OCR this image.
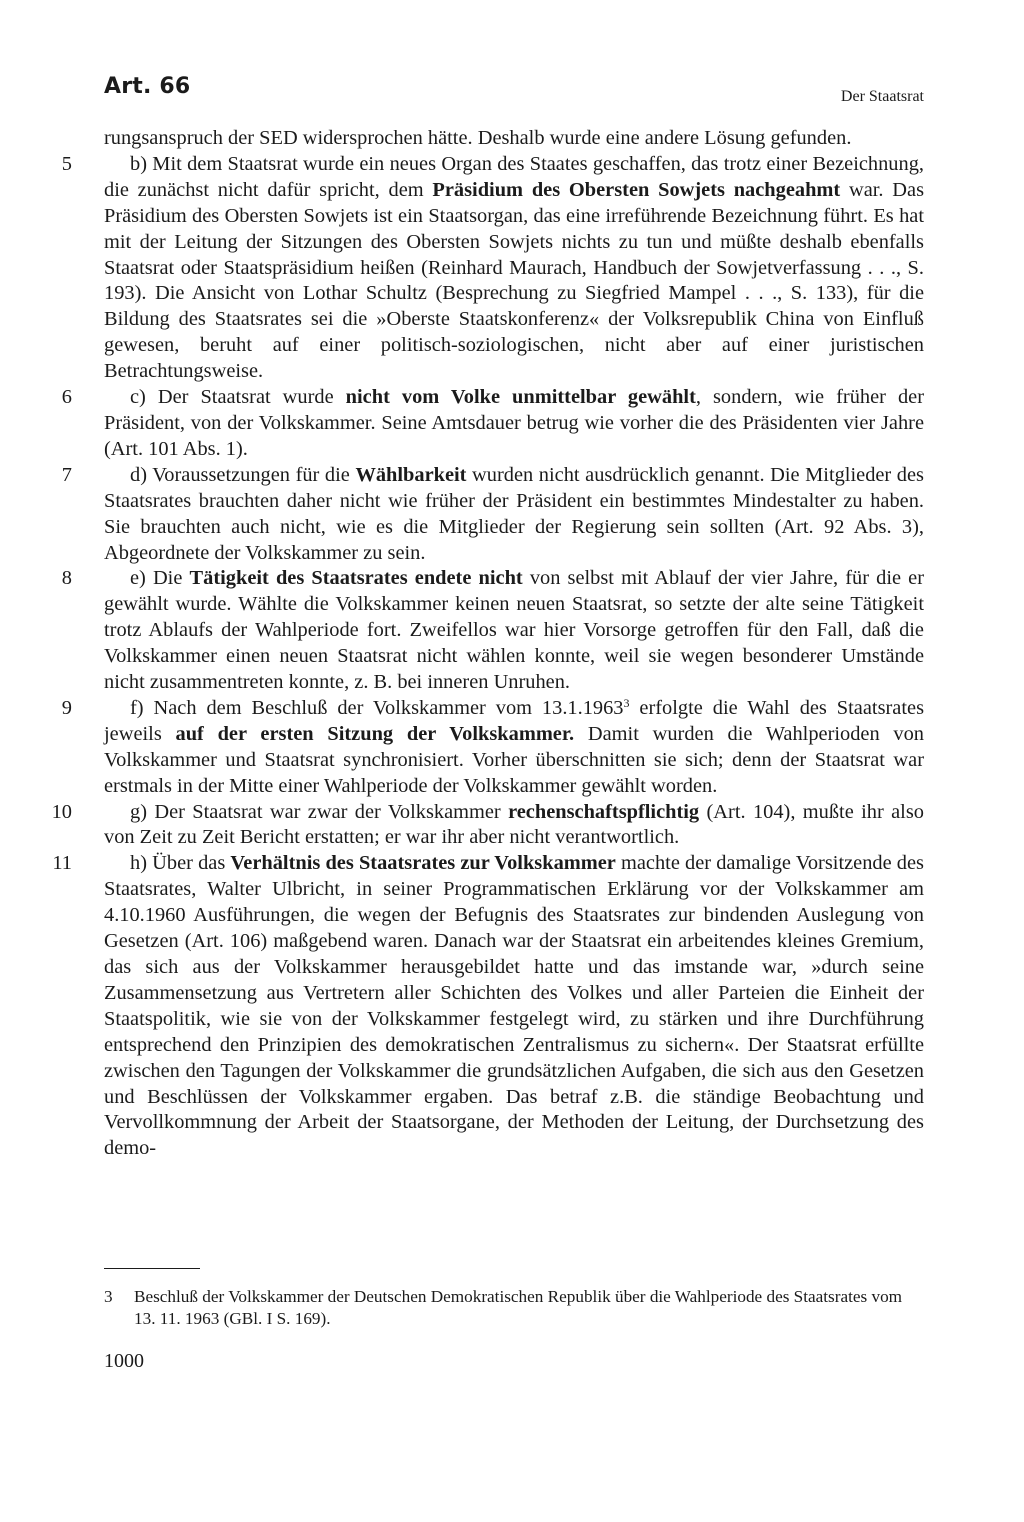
Art. 66	Der Staatsrat

rungsanspruch der SED widersprochen hätte. Deshalb wurde eine andere Lösung gefunden.

5	b) Mit dem Staatsrat wurde ein neues Organ des Staates geschaffen, das trotz einer Bezeichnung, die zunächst nicht dafür spricht, dem Präsidium des Obersten Sowjets nachgeahmt war. Das Präsidium des Obersten Sowjets ist ein Staatsorgan, das eine irreführende Bezeichnung führt. Es hat mit der Leitung der Sitzungen des Obersten Sowjets nichts zu tun und müßte deshalb ebenfalls Staatsrat oder Staatspräsidium heißen (Reinhard Maurach, Handbuch der Sowjetverfassung . . ., S. 193). Die Ansicht von Lothar Schultz (Besprechung zu Siegfried Mampel . . ., S. 133), für die Bildung des Staatsrates sei die »Oberste Staatskonferenz« der Volksrepublik China von Einfluß gewesen, beruht auf einer politisch-soziologischen, nicht aber auf einer juristischen Betrachtungsweise.

6	c) Der Staatsrat wurde nicht vom Volke unmittelbar gewählt, sondern, wie früher der Präsident, von der Volkskammer. Seine Amtsdauer betrug wie vorher die des Präsidenten vier Jahre (Art. 101 Abs. 1).

7	d) Voraussetzungen für die Wählbarkeit wurden nicht ausdrücklich genannt. Die Mitglieder des Staatsrates brauchten daher nicht wie früher der Präsident ein bestimmtes Mindestalter zu haben. Sie brauchten auch nicht, wie es die Mitglieder der Regierung sein sollten (Art. 92 Abs. 3), Abgeordnete der Volkskammer zu sein.

8	e) Die Tätigkeit des Staatsrates endete nicht von selbst mit Ablauf der vier Jahre, für die er gewählt wurde. Wählte die Volkskammer keinen neuen Staatsrat, so setzte der alte seine Tätigkeit trotz Ablaufs der Wahlperiode fort. Zweifellos war hier Vorsorge getroffen für den Fall, daß die Volkskammer einen neuen Staatsrat nicht wählen konnte, weil sie wegen besonderer Umstände nicht zusammentreten konnte, z. B. bei inneren Unruhen.

9	f) Nach dem Beschluß der Volkskammer vom 13.1.1963$^3$ erfolgte die Wahl des Staatsrates jeweils auf der ersten Sitzung der Volkskammer. Damit wurden die Wahlperioden von Volkskammer und Staatsrat synchronisiert. Vorher überschnitten sie sich; denn der Staatsrat war erstmals in der Mitte einer Wahlperiode der Volkskammer gewählt worden.

10	g) Der Staatsrat war zwar der Volkskammer rechenschaftspflichtig (Art. 104), mußte ihr also von Zeit zu Zeit Bericht erstatten; er war ihr aber nicht verantwortlich.

11	h) Über das Verhältnis des Staatsrates zur Volkskammer machte der damalige Vorsitzende des Staatsrates, Walter Ulbricht, in seiner Programmatischen Erklärung vor der Volkskammer am 4.10.1960 Ausführungen, die wegen der Befugnis des Staatsrates zur bindenden Auslegung von Gesetzen (Art. 106) maßgebend waren. Danach war der Staatsrat ein arbeitendes kleines Gremium, das sich aus der Volkskammer herausgebildet hatte und das imstande war, »durch seine Zusammensetzung aus Vertretern aller Schichten des Volkes und aller Parteien die Einheit der Staatspolitik, wie sie von der Volkskammer festgelegt wird, zu stärken und ihre Durchführung entsprechend den Prinzipien des demokratischen Zentralismus zu sichern«. Der Staatsrat erfüllte zwischen den Tagungen der Volkskammer die grundsätzlichen Aufgaben, die sich aus den Gesetzen und Beschlüssen der Volkskammer ergaben. Das betraf z.B. die ständige Beobachtung und Vervollkommnung der Arbeit der Staatsorgane, der Methoden der Leitung, der Durchsetzung des demo-

3 Beschluß der Volkskammer der Deutschen Demokratischen Republik über die Wahlperiode des Staatsrates vom 13. 11. 1963 (GBl. I S. 169).
1000
